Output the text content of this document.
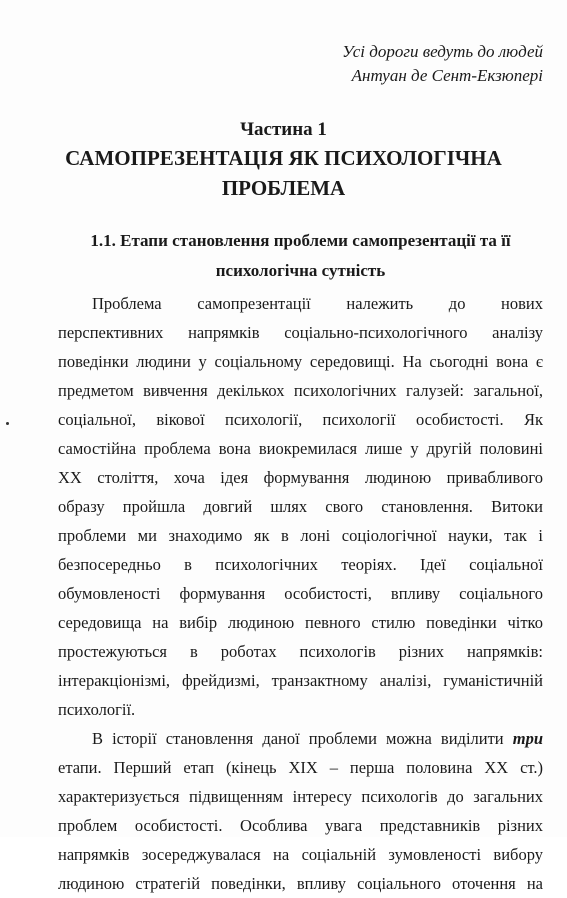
Усі дороги ведуть до людей
Антуан де Сент-Екзюпері
Частина 1
САМОПРЕЗЕНТАЦІЯ ЯК ПСИХОЛОГІЧНА
ПРОБЛЕМА
1.1. Етапи становлення проблеми самопрезентації та її
психологічна сутність
Проблема самопрезентації належить до нових
перспективних напрямків соціально-психологічного аналізу
поведінки людини у соціальному середовищі. На сьогодні вона є
предметом вивчення декількох психологічних галузей: загальної,
соціальної, вікової психології, психології особистості. Як
самостійна проблема вона виокремилася лише у другій половині
ХХ століття, хоча ідея формування людиною привабливого
образу пройшла довгий шлях свого становлення. Витоки
проблеми ми знаходимо як в лоні соціологічної науки, так і
безпосередньо в психологічних теоріях. Ідеї соціальної
обумовленості формування особистості, впливу соціального
середовища на вибір людиною певного стилю поведінки чітко
простежуються в роботах психологів різних напрямків:
інтеракціонізмі, фрейдизмі, транзактному аналізі, гуманістичній
психології.
В історії становлення даної проблеми можна виділити три
етапи. Перший етап (кінець XIX – перша половина XX ст.)
характеризується підвищенням інтересу психологів до загальних
проблем особистості. Особлива увага представників різних
напрямків зосереджувалася на соціальній зумовленості вибору
людиною стратегій поведінки, впливу соціального оточення на
